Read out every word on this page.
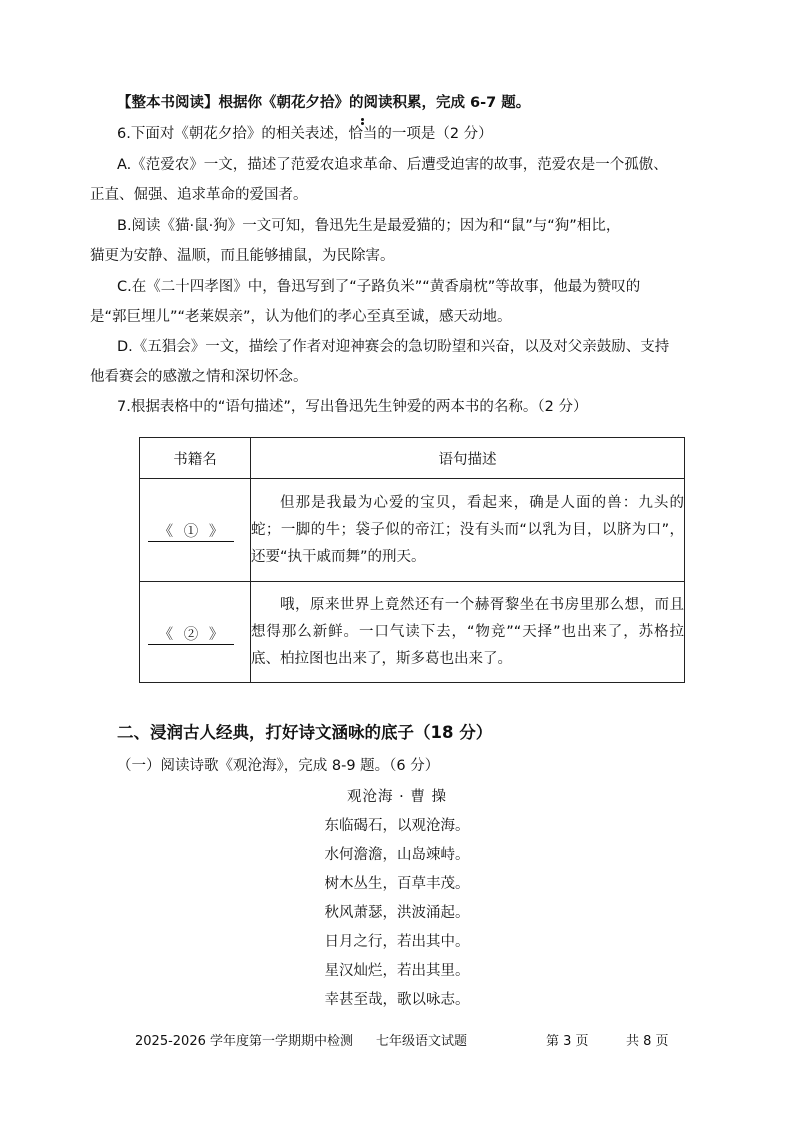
【整本书阅读】根据你《朝花夕拾》的阅读积累，完成 6-7 题。
6.下面对《朝花夕拾》的相关表述，恰当的一项是（2 分）
A.《范爱农》一文，描述了范爱农追求革命、后遭受迫害的故事，范爱农是一个孤傲、
正直、倔强、追求革命的爱国者。
B.阅读《猫·鼠·狗》一文可知，鲁迅先生是最爱猫的；因为和“鼠”与“狗”相比，
猫更为安静、温顺，而且能够捕鼠，为民除害。
C.在《二十四孝图》中，鲁迅写到了“子路负米”“黄香扇枕”等故事，他最为赞叹的
是“郭巨埋儿”“老莱娱亲”，认为他们的孝心至真至诚，感天动地。
D.《五猖会》一文，描绘了作者对迎神赛会的急切盼望和兴奋，以及对父亲鼓励、支持
他看赛会的感激之情和深切怀念。
7.根据表格中的“语句描述”，写出鲁迅先生钟爱的两本书的名称。（2 分）
书籍名	语句描述

《 ① 》	但那是我最为心爱的宝贝，看起来，确是人面的兽：九头的蛇；一脚的牛；袋子似的帝江；没有头而“以乳为目，以脐为口”，还要“执干戚而舞”的刑天。

《 ② 》	哦，原来世界上竟然还有一个赫胥黎坐在书房里那么想，而且想得那么新鲜。一口气读下去，“物竞”“天择”也出来了，苏格拉底、柏拉图也出来了，斯多葛也出来了。
二、浸润古人经典，打好诗文涵咏的底子（18 分）
（一）阅读诗歌《观沧海》，完成 8-9 题。（6 分）
观沧海 · 曹 操
东临碣石，以观沧海。
水何澹澹，山岛竦峙。
树木丛生，百草丰茂。
秋风萧瑟，洪波涌起。
日月之行，若出其中。
星汉灿烂，若出其里。
幸甚至哉，歌以咏志。
2025-2026 学年度第一学期期中检测 七年级语文试题	第 3 页	共 8 页
